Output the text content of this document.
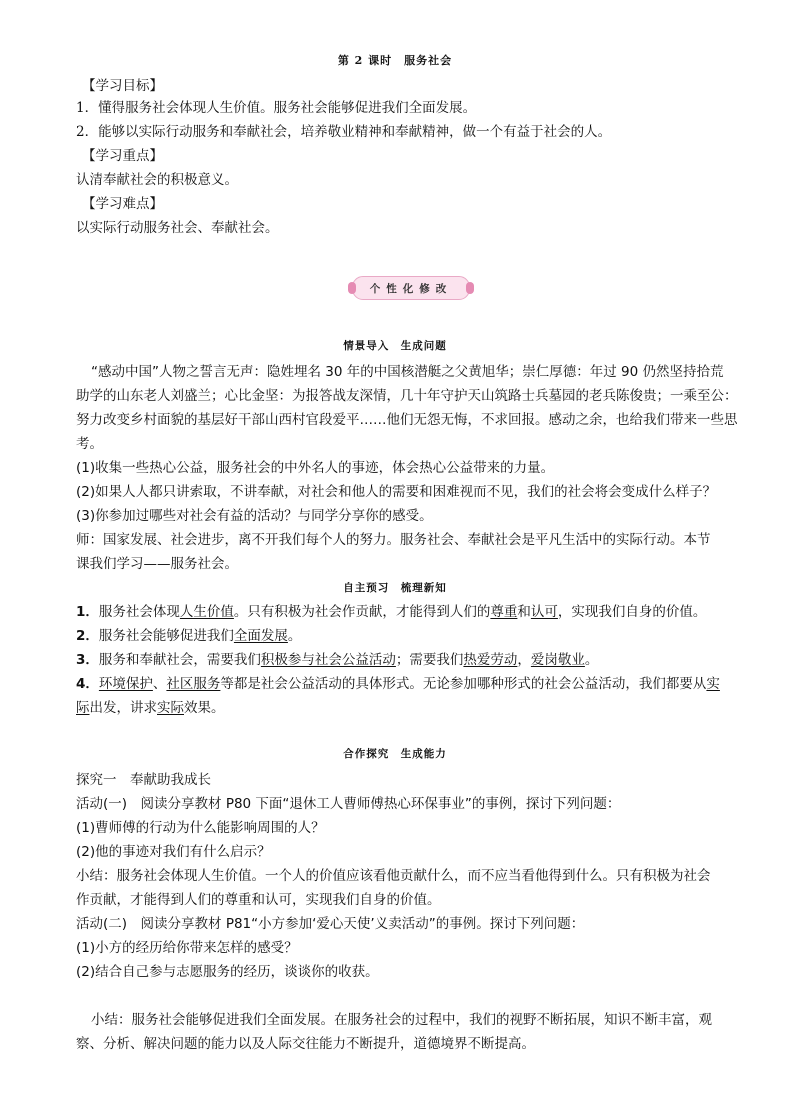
第 2 课时　服务社会
【学习目标】
1．懂得服务社会体现人生价值。服务社会能够促进我们全面发展。
2．能够以实际行动服务和奉献社会，培养敬业精神和奉献精神，做一个有益于社会的人。
【学习重点】
认清奉献社会的积极意义。
【学习难点】
以实际行动服务社会、奉献社会。
个性化修改
情景导入　生成问题
“感动中国”人物之誓言无声：隐姓埋名 30 年的中国核潜艇之父黄旭华；崇仁厚德：年过 90 仍然坚持拾荒
助学的山东老人刘盛兰；心比金坚：为报答战友深情，几十年守护天山筑路士兵墓园的老兵陈俊贵；一乘至公：
努力改变乡村面貌的基层好干部山西村官段爱平……他们无怨无悔，不求回报。感动之余，也给我们带来一些思
考。
(1)收集一些热心公益，服务社会的中外名人的事迹，体会热心公益带来的力量。
(2)如果人人都只讲索取，不讲奉献，对社会和他人的需要和困难视而不见，我们的社会将会变成什么样子？
(3)你参加过哪些对社会有益的活动？与同学分享你的感受。
师：国家发展、社会进步，离不开我们每个人的努力。服务社会、奉献社会是平凡生活中的实际行动。本节
课我们学习——服务社会。
自主预习　梳理新知
1．服务社会体现人生价值。只有积极为社会作贡献，才能得到人们的尊重和认可，实现我们自身的价值。
2．服务社会能够促进我们全面发展。
3．服务和奉献社会，需要我们积极参与社会公益活动；需要我们热爱劳动，爱岗敬业。
4．环境保护、社区服务等都是社会公益活动的具体形式。无论参加哪种形式的社会公益活动，我们都要从实
际出发，讲求实际效果。
合作探究　生成能力
探究一　奉献助我成长
活动(一)　阅读分享教材 P80 下面“退休工人曹师傅热心环保事业”的事例，探讨下列问题：
(1)曹师傅的行动为什么能影响周围的人？
(2)他的事迹对我们有什么启示？
小结：服务社会体现人生价值。一个人的价值应该看他贡献什么，而不应当看他得到什么。只有积极为社会
作贡献，才能得到人们的尊重和认可，实现我们自身的价值。
活动(二)　阅读分享教材 P81“小方参加‘爱心天使’义卖活动”的事例。探讨下列问题：
(1)小方的经历给你带来怎样的感受？
(2)结合自己参与志愿服务的经历，谈谈你的收获。
小结：服务社会能够促进我们全面发展。在服务社会的过程中，我们的视野不断拓展，知识不断丰富，观
察、分析、解决问题的能力以及人际交往能力不断提升，道德境界不断提高。
